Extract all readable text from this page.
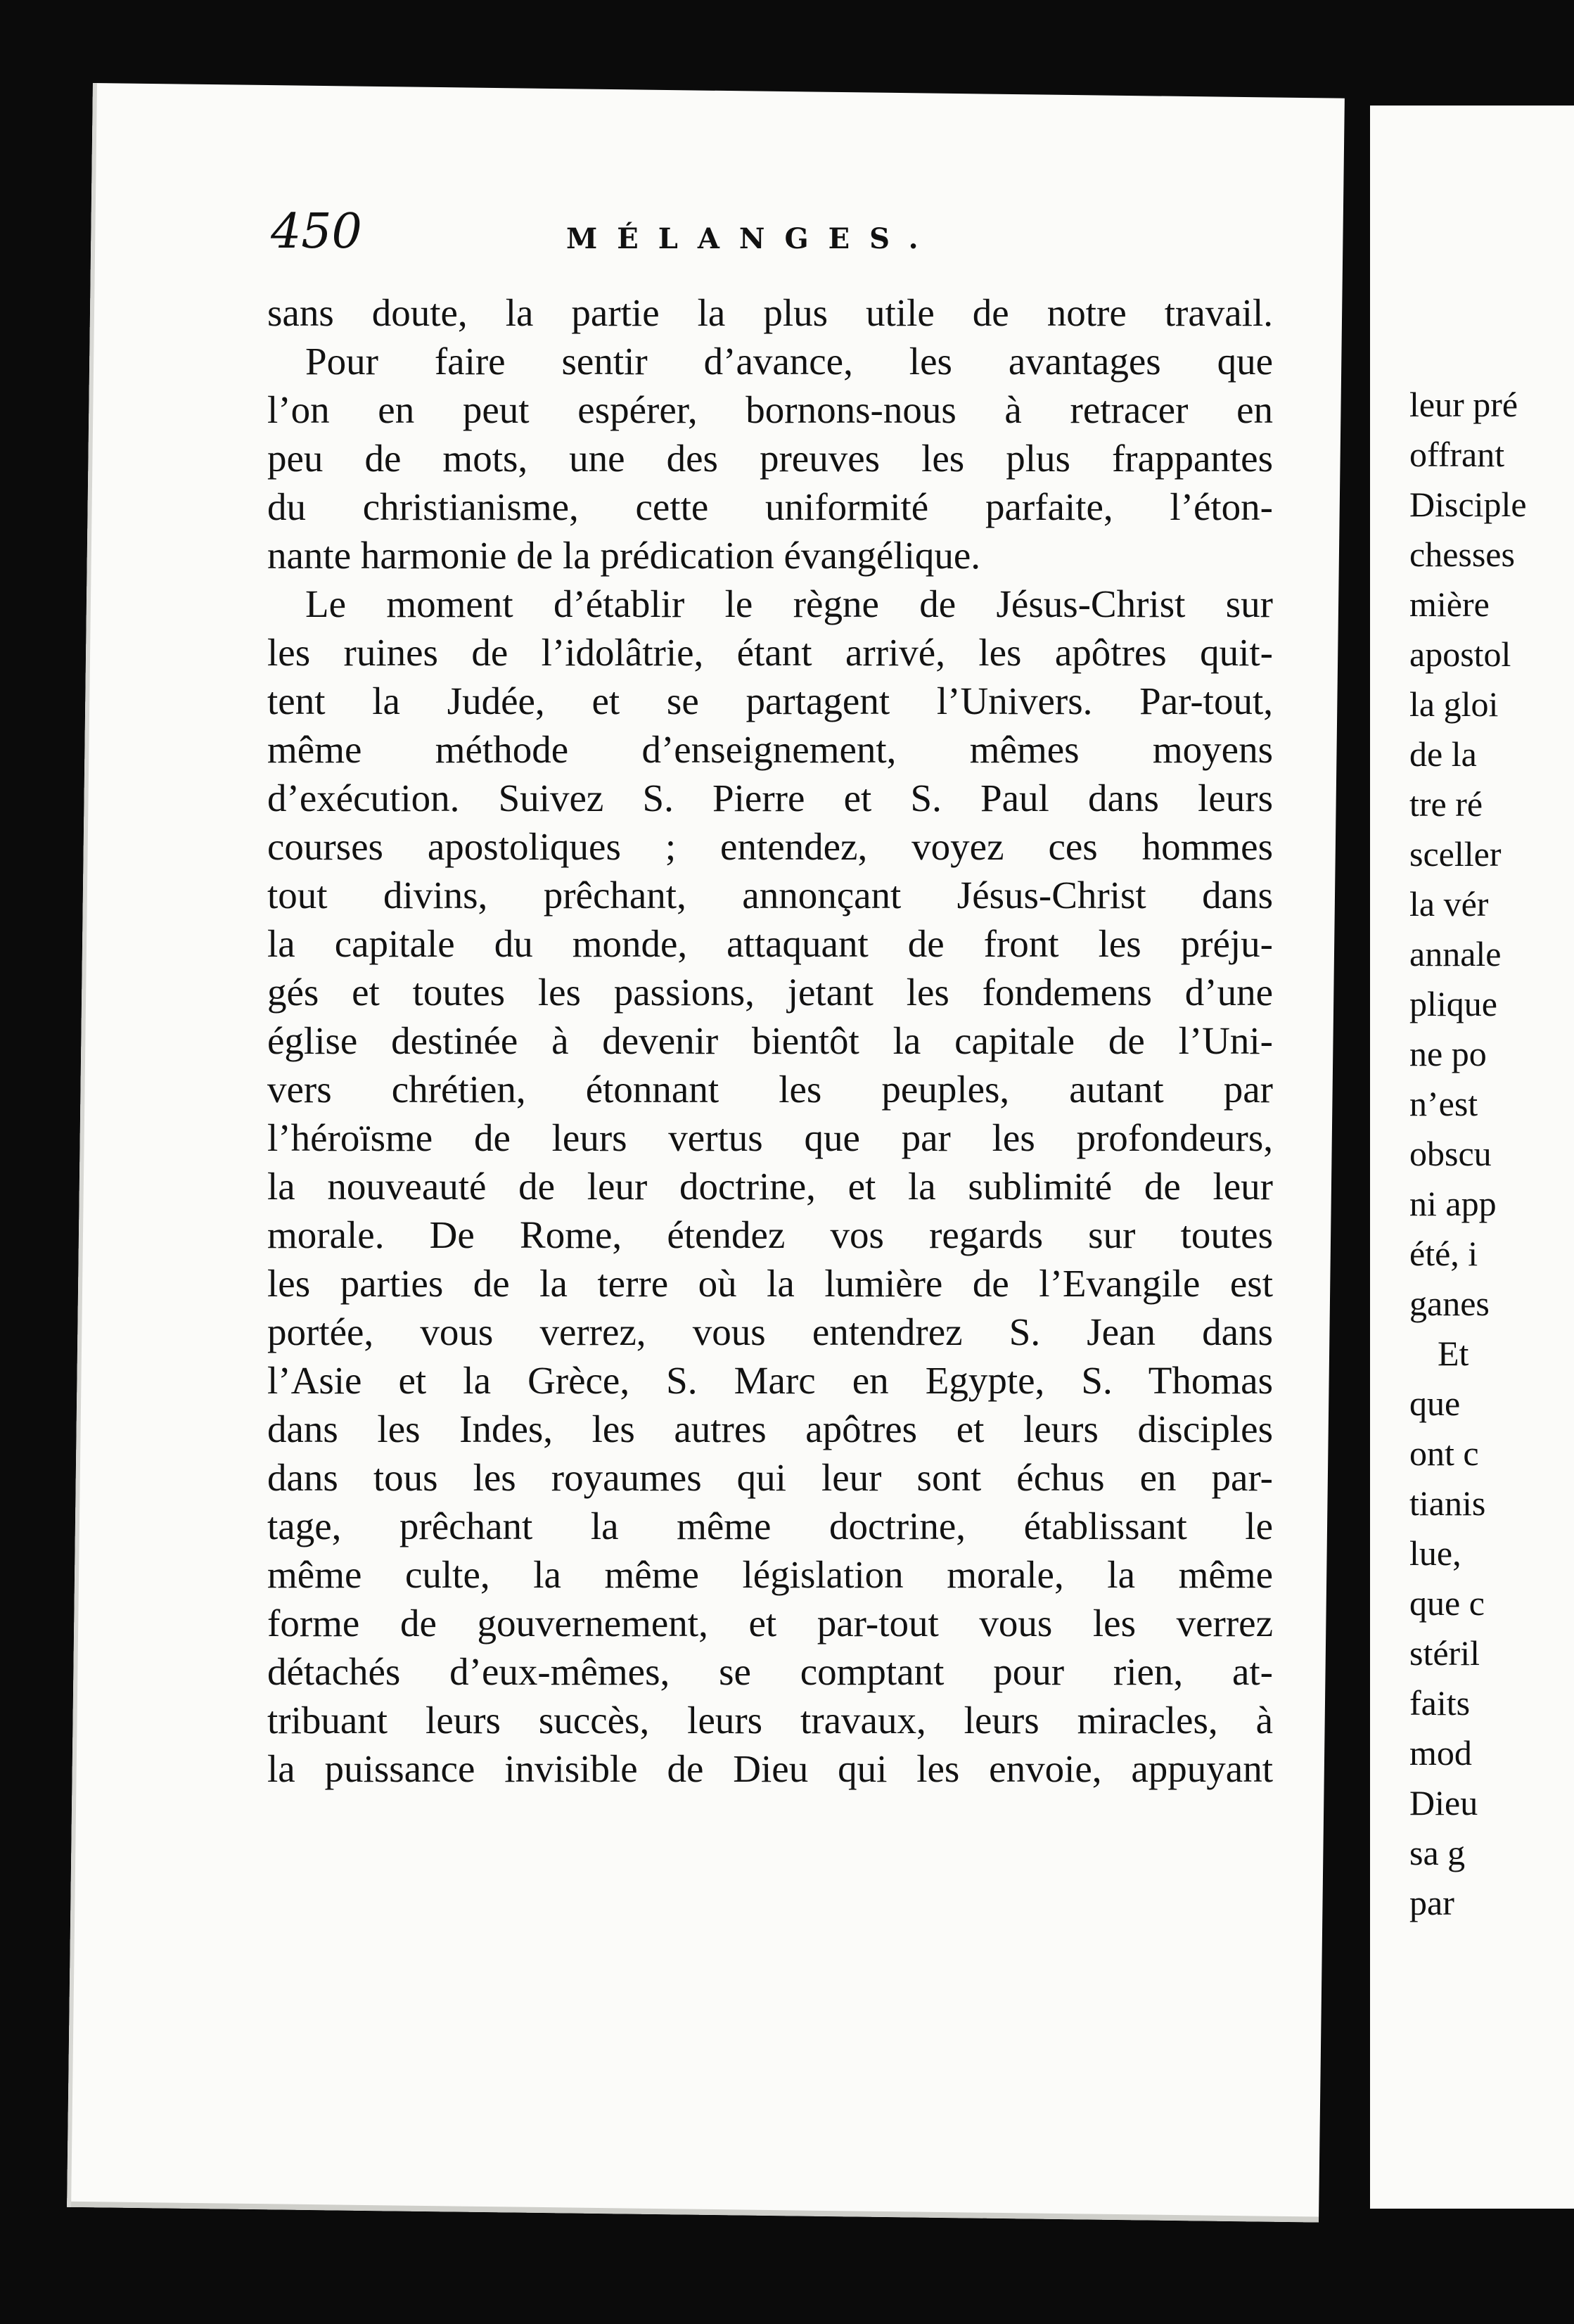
450	MÉLANGES.
sans doute, la partie la plus utile de notre travail.
Pour faire sentir d’avance, les avantages que
l’on en peut espérer, bornons-nous à retracer en
peu de mots, une des preuves les plus frappantes
du christianisme, cette uniformité parfaite, l’éton-
nante harmonie de la prédication évangélique.
Le moment d’établir le règne de Jésus-Christ sur
les ruines de l’idolâtrie, étant arrivé, les apôtres quit-
tent la Judée, et se partagent l’Univers. Par-tout,
même méthode d’enseignement, mêmes moyens
d’exécution. Suivez S. Pierre et S. Paul dans leurs
courses apostoliques ; entendez, voyez ces hommes
tout divins, prêchant, annonçant Jésus-Christ dans
la capitale du monde, attaquant de front les préju-
gés et toutes les passions, jetant les fondemens d’une
église destinée à devenir bientôt la capitale de l’Uni-
vers chrétien, étonnant les peuples, autant par
l’héroïsme de leurs vertus que par les profondeurs,
la nouveauté de leur doctrine, et la sublimité de leur
morale. De Rome, étendez vos regards sur toutes
les parties de la terre où la lumière de l’Evangile est
portée, vous verrez, vous entendrez S. Jean dans
l’Asie et la Grèce, S. Marc en Egypte, S. Thomas
dans les Indes, les autres apôtres et leurs disciples
dans tous les royaumes qui leur sont échus en par-
tage, prêchant la même doctrine, établissant le
même culte, la même législation morale, la même
forme de gouvernement, et par-tout vous les verrez
détachés d’eux-mêmes, se comptant pour rien, at-
tribuant leurs succès, leurs travaux, leurs miracles, à
la puissance invisible de Dieu qui les envoie, appuyant
leur pré
offrant
Disciple
chesses
mière
apostol
la gloi
de la
tre ré
sceller
la vér
annale
plique
ne po
n’est
obscu
ni app
été, i
ganes
Et
que
ont c
tianis
lue,
que c
stéril
faits
mod
Dieu
sa g
par
